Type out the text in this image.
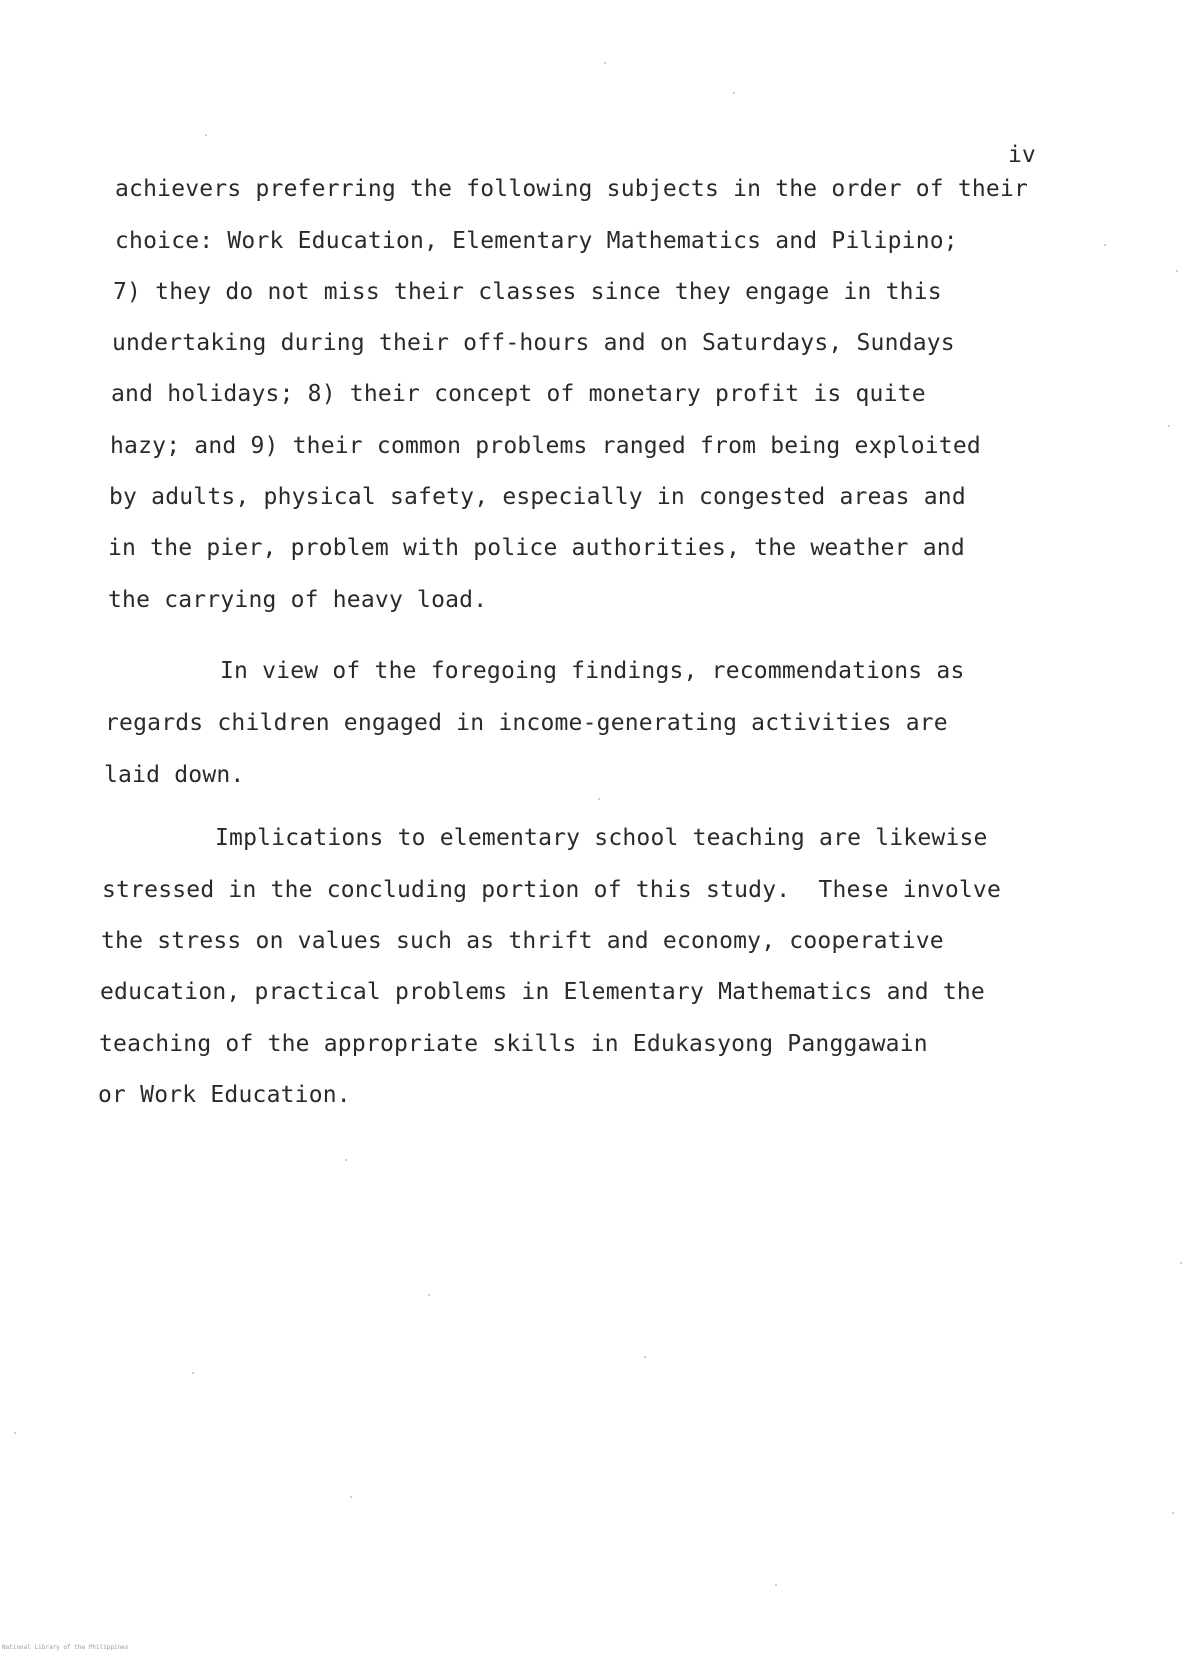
iv
achievers preferring the following subjects in the order of their
choice: Work Education, Elementary Mathematics and Pilipino;
7) they do not miss their classes since they engage in this
undertaking during their off-hours and on Saturdays, Sundays
and holidays; 8) their concept of monetary profit is quite
hazy; and 9) their common problems ranged from being exploited
by adults, physical safety, especially in congested areas and
in the pier, problem with police authorities, the weather and
the carrying of heavy load.
In view of the foregoing findings, recommendations as
regards children engaged in income-generating activities are
laid down.
Implications to elementary school teaching are likewise
stressed in the concluding portion of this study.  These involve
the stress on values such as thrift and economy, cooperative
education, practical problems in Elementary Mathematics and the
teaching of the appropriate skills in Edukasyong Panggawain
or Work Education.
National Library of the Philippines
